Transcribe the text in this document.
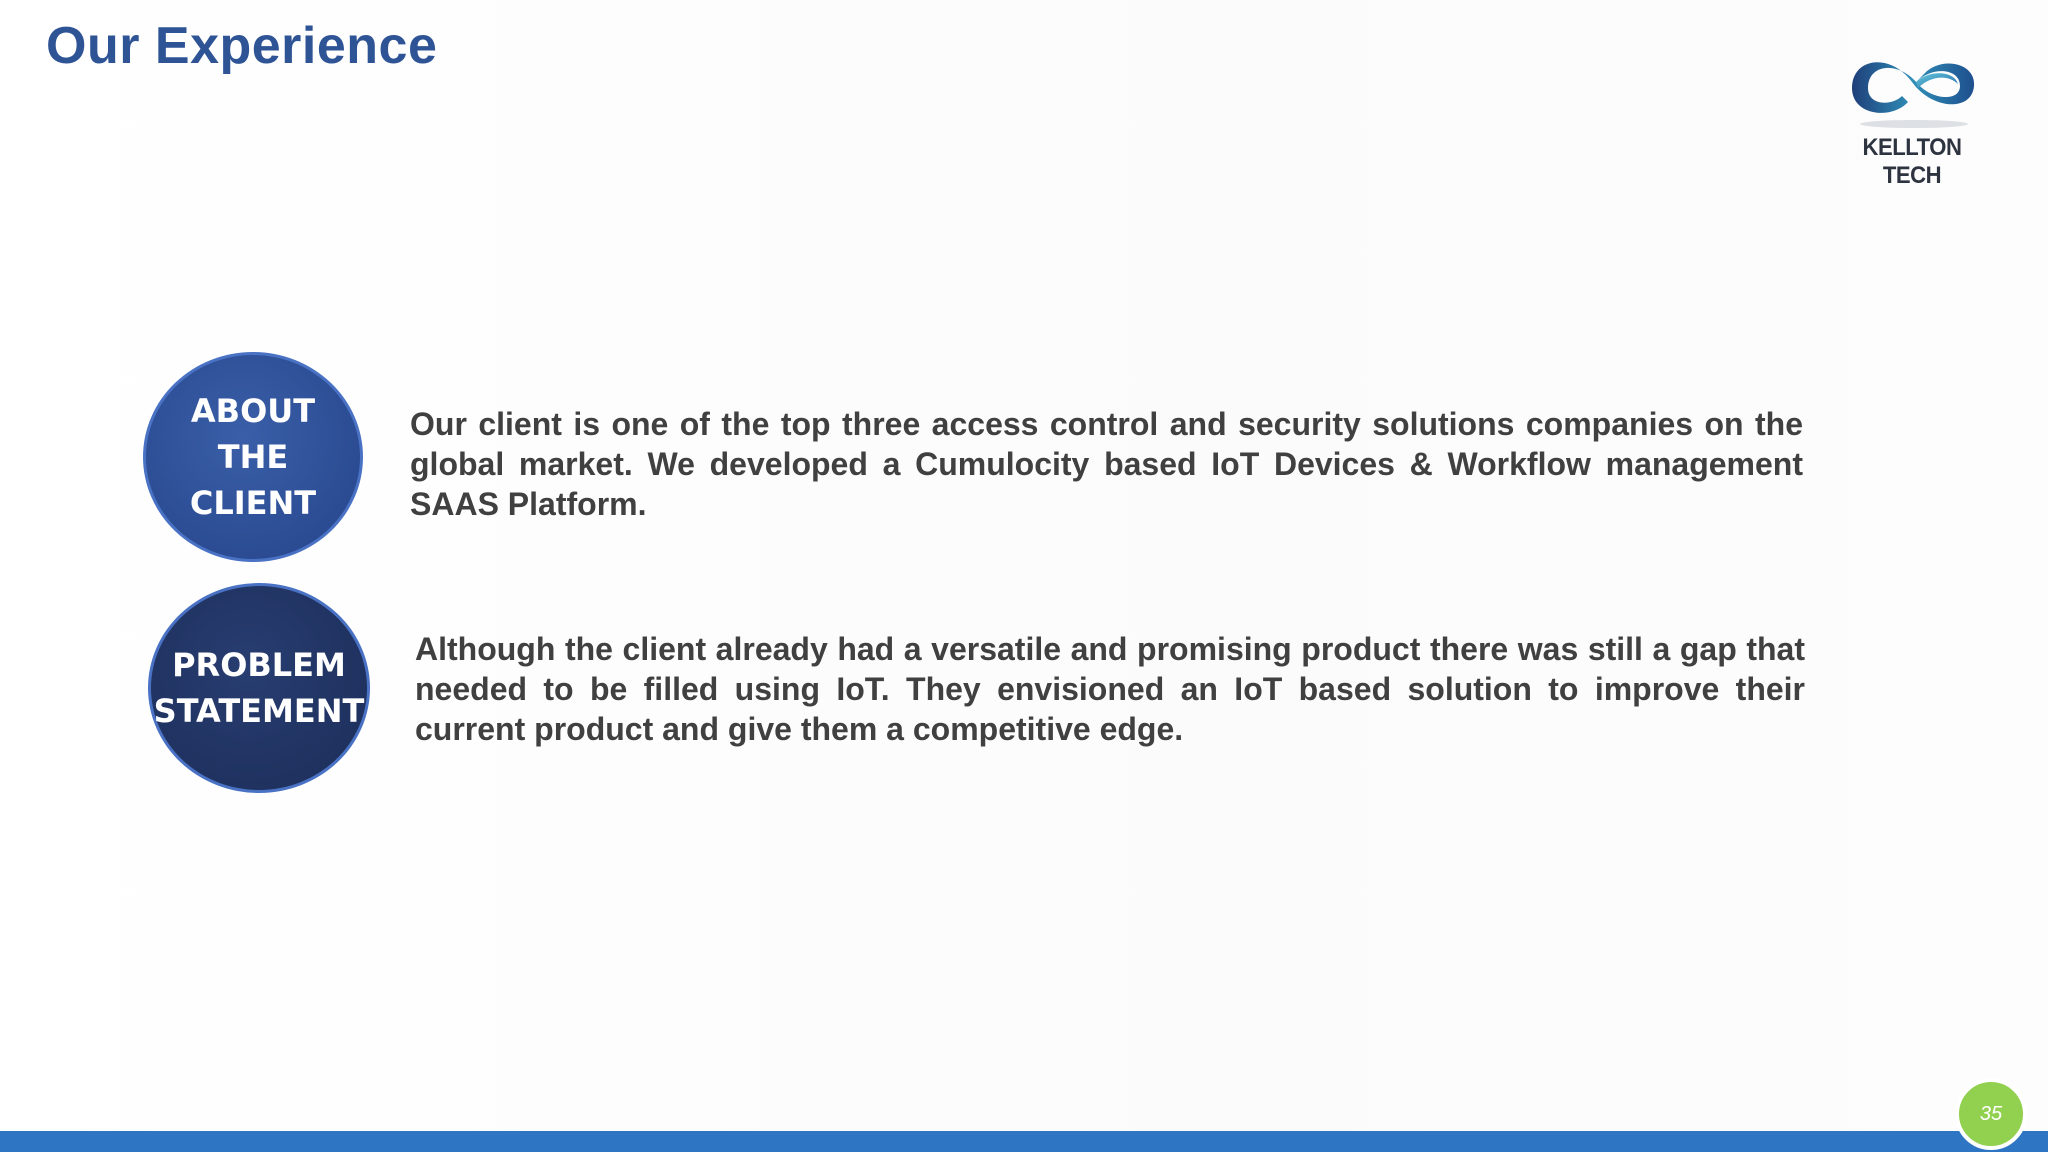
Our Experience
KELLTON TECH
ABOUT
THE
CLIENT
Our client is one of the top three access control and security solutions companies on the global market. We developed a Cumulocity based IoT Devices & Workflow management SAAS Platform.
PROBLEM
STATEMENT
Although the client already had a versatile and promising product there was still a gap that needed to be filled using IoT. They envisioned an IoT based solution to improve their current product and give them a competitive edge.
35
